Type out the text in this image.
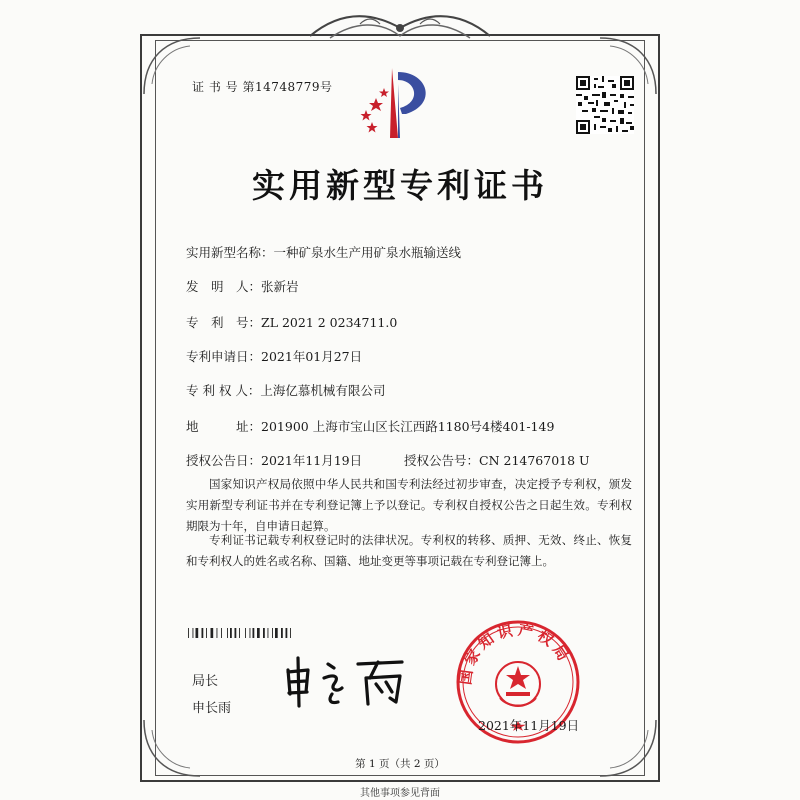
证 书 号 第14748779号
实用新型专利证书
实用新型名称：一种矿泉水生产用矿泉水瓶输送线
发　明　人：张新岩
专　利　号：ZL 2021 2 0234711.0
专利申请日：2021年01月27日
专 利 权 人：上海亿慕机械有限公司
地　　　址：201900 上海市宝山区长江西路1180号4楼401-149
授权公告日：2021年11月19日	授权公告号：CN 214767018 U
国家知识产权局依照中华人民共和国专利法经过初步审查，决定授予专利权，颁发实用新型专利证书并在专利登记簿上予以登记。专利权自授权公告之日起生效。专利权期限为十年，自申请日起算。
专利证书记载专利权登记时的法律状况。专利权的转移、质押、无效、终止、恢复和专利权人的姓名或名称、国籍、地址变更等事项记载在专利登记簿上。
局长
申长雨
国家知识产权局
2021年11月19日
第 1 页（共 2 页）
其他事项参见背面
